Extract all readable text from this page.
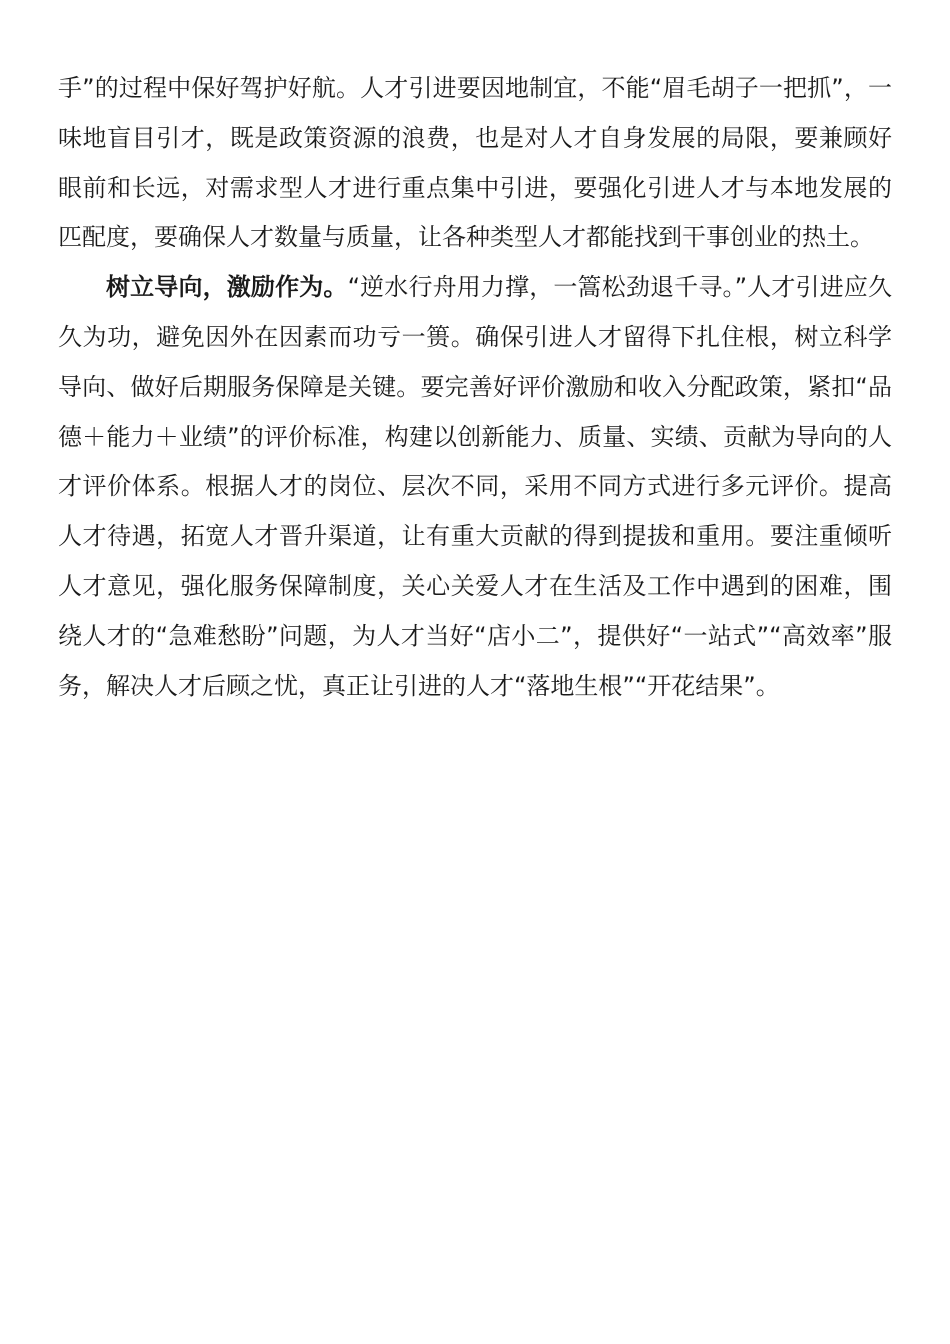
手”的过程中保好驾护好航。人才引进要因地制宜，不能“眉毛胡子一把抓”，一味地盲目引才，既是政策资源的浪费，也是对人才自身发展的局限，要兼顾好眼前和长远，对需求型人才进行重点集中引进，要强化引进人才与本地发展的匹配度，要确保人才数量与质量，让各种类型人才都能找到干事创业的热土。

树立导向，激励作为。“逆水行舟用力撑，一篙松劲退千寻。”人才引进应久久为功，避免因外在因素而功亏一篑。确保引进人才留得下扎住根，树立科学导向、做好后期服务保障是关键。要完善好评价激励和收入分配政策，紧扣“品德＋能力＋业绩”的评价标准，构建以创新能力、质量、实绩、贡献为导向的人才评价体系。根据人才的岗位、层次不同，采用不同方式进行多元评价。提高人才待遇，拓宽人才晋升渠道，让有重大贡献的得到提拔和重用。要注重倾听人才意见，强化服务保障制度，关心关爱人才在生活及工作中遇到的困难，围绕人才的“急难愁盼”问题，为人才当好“店小二”，提供好“一站式”“高效率”服务，解决人才后顾之忧，真正让引进的人才“落地生根”“开花结果”。
